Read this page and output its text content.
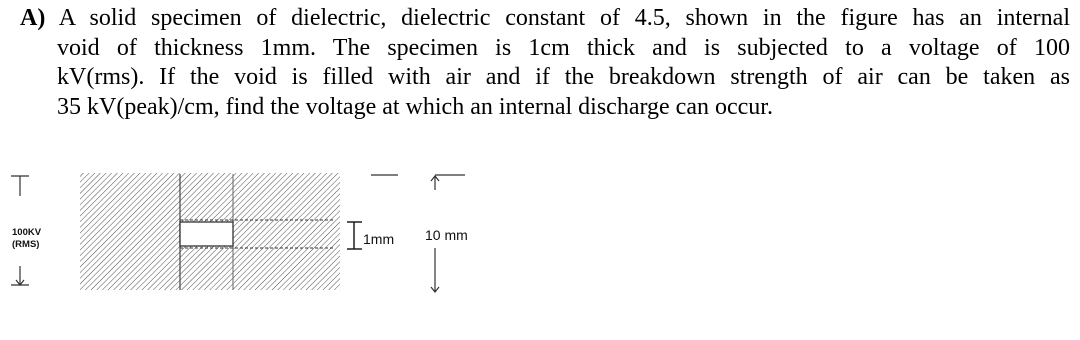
A) A solid specimen of dielectric, dielectric constant of 4.5, shown in the figure has an internal
void of thickness 1mm. The specimen is 1cm thick and is subjected to a voltage of 100
kV(rms). If the void is filled with air and if the breakdown strength of air can be taken as
35 kV(peak)/cm, find the voltage at which an internal discharge can occur.
100KV
(RMS)	1mm 10 mm
